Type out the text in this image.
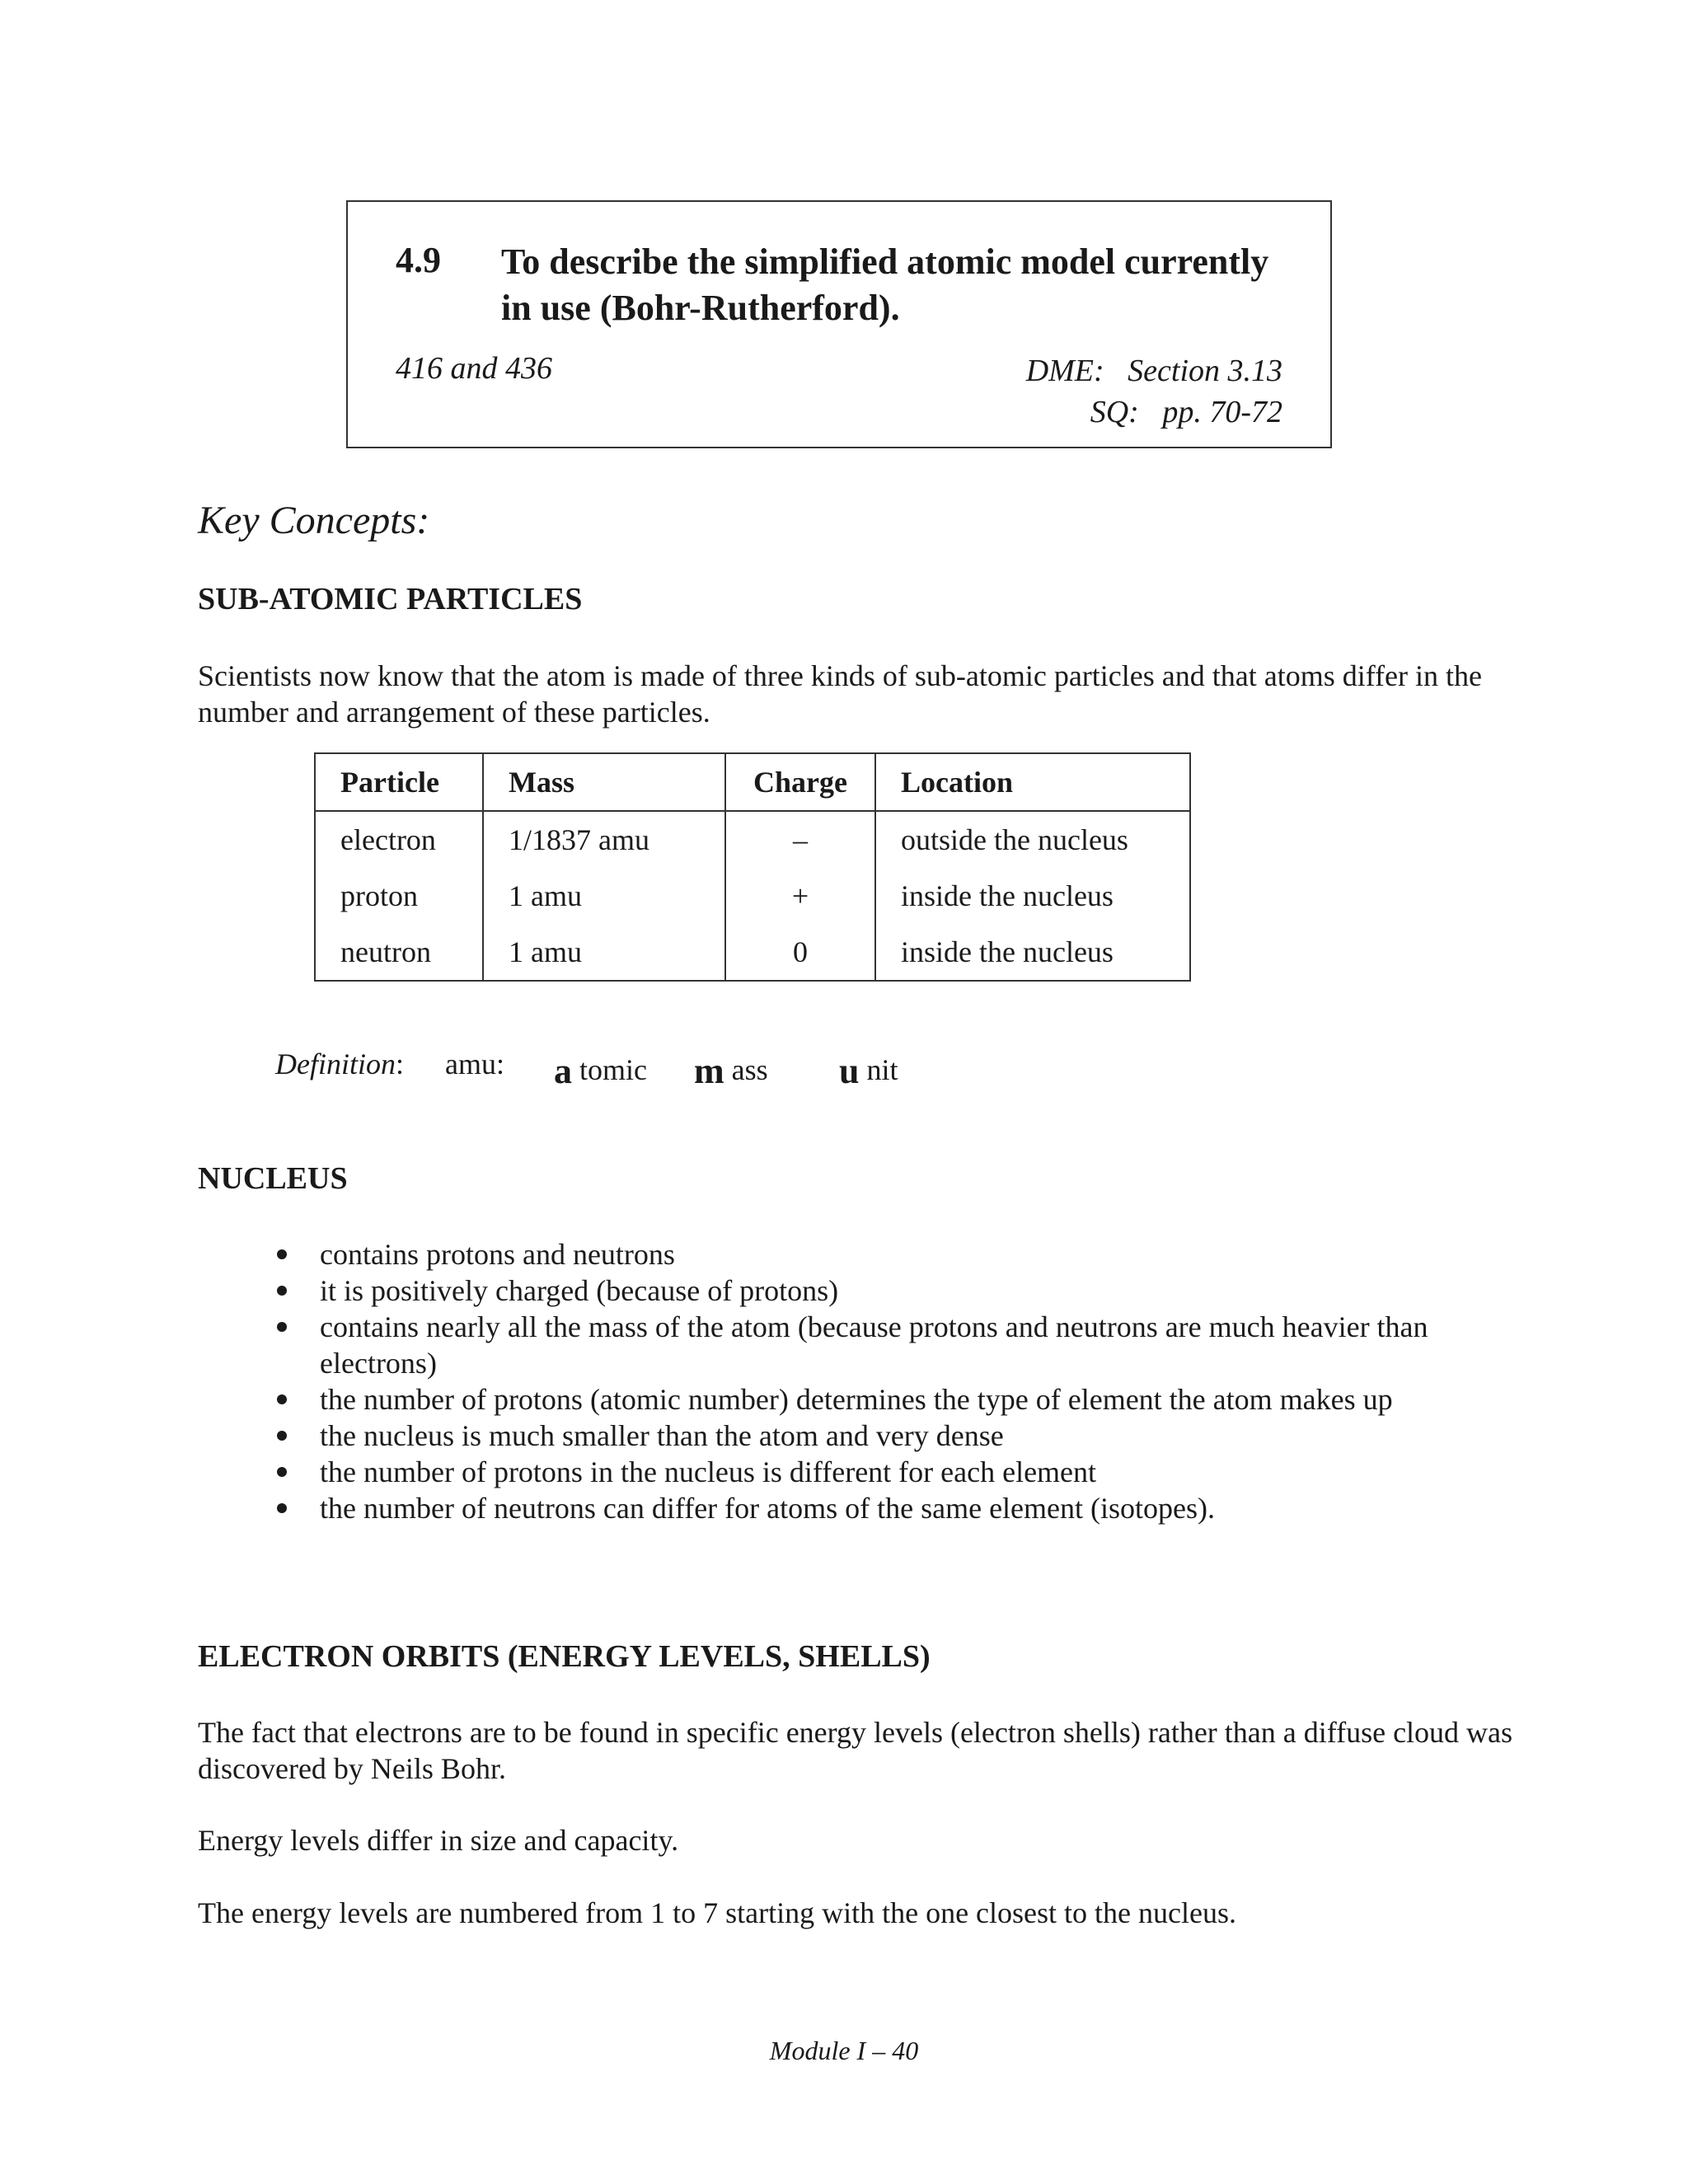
4.9 To describe the simplified atomic model currently in use (Bohr-Rutherford).
416 and 436	DME:   Section 3.13
SQ:   pp. 70-72
Key Concepts:
SUB-ATOMIC PARTICLES
Scientists now know that the atom is made of three kinds of sub-atomic particles and that atoms differ in the number and arrangement of these particles.
Particle	Mass	Charge	Location
electron	1/1837 amu	–	outside the nucleus
proton	1 amu	+	inside the nucleus
neutron	1 amu	0	inside the nucleus
Definition: amu: a tomic m ass u nit
NUCLEUS
contains protons and neutrons
it is positively charged (because of protons)
contains nearly all the mass of the atom (because protons and neutrons are much heavier than electrons)
the number of protons (atomic number) determines the type of element the atom makes up
the nucleus is much smaller than the atom and very dense
the number of protons in the nucleus is different for each element
the number of neutrons can differ for atoms of the same element (isotopes).
ELECTRON ORBITS (ENERGY LEVELS, SHELLS)
The fact that electrons are to be found in specific energy levels (electron shells) rather than a diffuse cloud was discovered by Neils Bohr.
Energy levels differ in size and capacity.
The energy levels are numbered from 1 to 7 starting with the one closest to the nucleus.
Module I – 40
